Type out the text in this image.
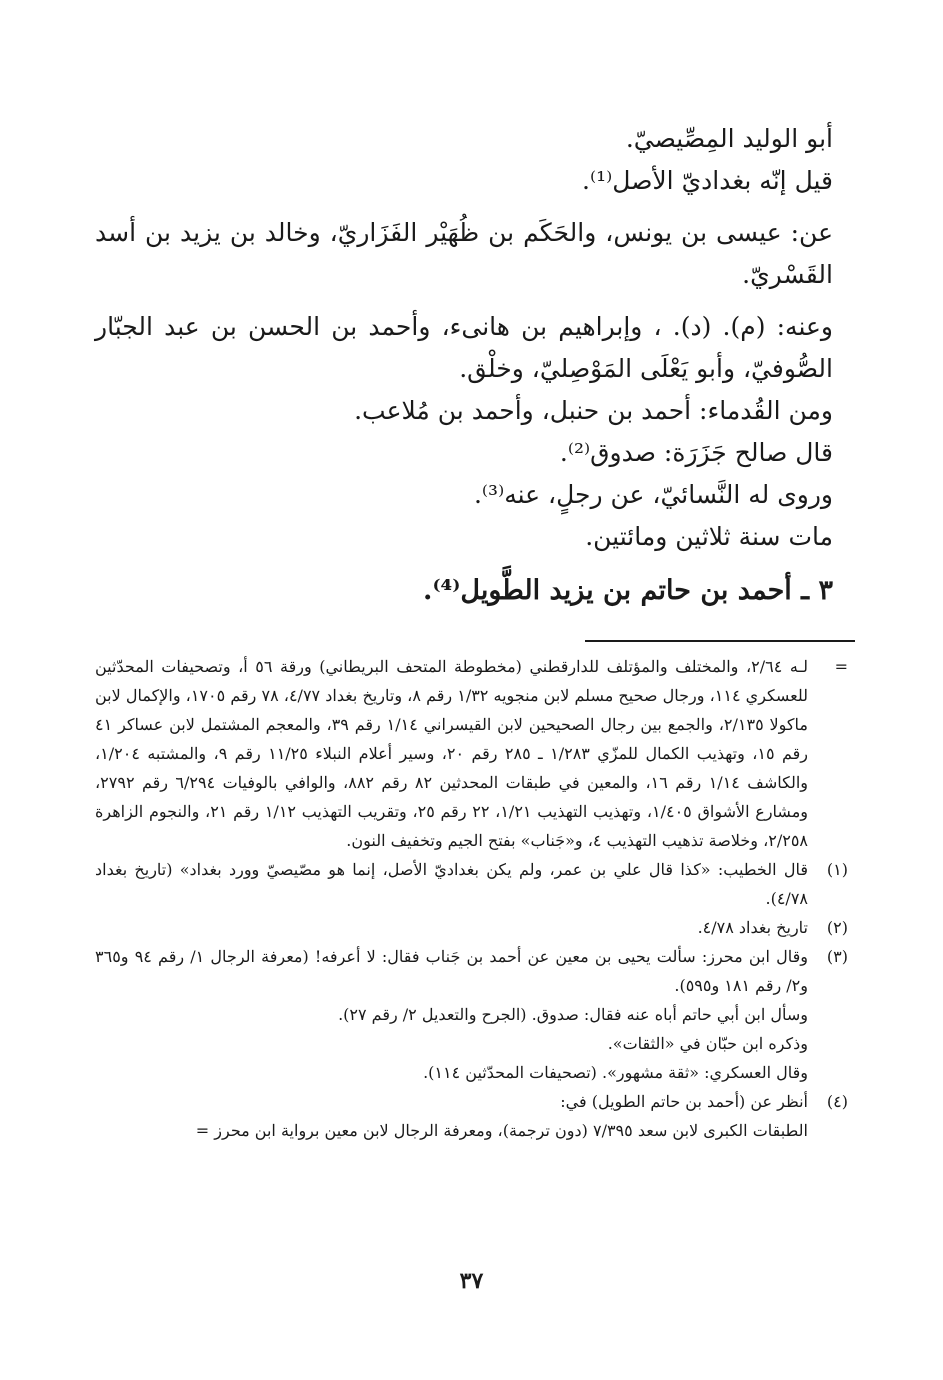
أبو الوليد المِصِّيصيّ.

قيل إنّه بغداديّ الأصل⁽¹⁾.

عن: عيسى بن يونس، والحَكَم بن ظُهَيْر الفَزَاريّ، وخالد بن يزيد بن أسد القَسْريّ.

وعنه: (م). (د). ، وإبراهيم بن هانىء، وأحمد بن الحسن بن عبد الجبّار الصُّوفيّ، وأبو يَعْلَى المَوْصِليّ، وخلْق.

ومن القُدماء: أحمد بن حنبل، وأحمد بن مُلاعب.

قال صالح جَزَرَة: صدوق⁽²⁾.

وروى له النَّسائيّ، عن رجلٍ، عنه⁽³⁾.

مات سنة ثلاثين ومائتين.

٣ ـ أحمد بن حاتم بن يزيد الطَّويل⁽⁴⁾.

=
لـه ٢/٦٤، والمختلف والمؤتلف للدارقطني (مخطوطة المتحف البريطاني) ورقة ٥٦ أ، وتصحيفات المحدّثين للعسكري ١١٤، ورجال صحيح مسلم لابن منجويه ١/٣٢ رقم ٨، وتاريخ بغداد ٤/٧٧، ٧٨ رقم ١٧٠٥، والإكمال لابن ماكولا ٢/١٣٥، والجمع بين رجال الصحيحين لابن القيسراني ١/١٤ رقم ٣٩، والمعجم المشتمل لابن عساكر ٤١ رقم ١٥، وتهذيب الكمال للمزّي ١/٢٨٣ ـ ٢٨٥ رقم ٢٠، وسير أعلام النبلاء ١١/٢٥ رقم ٩، والمشتبه ١/٢٠٤، والكاشف ١/١٤ رقم ١٦، والمعين في طبقات المحدثين ٨٢ رقم ٨٨٢، والوافي بالوفيات ٦/٢٩٤ رقم ٢٧٩٢، ومشارع الأشواق ١/٤٠٥، وتهذيب التهذيب ١/٢١، ٢٢ رقم ٢٥، وتقريب التهذيب ١/١٢ رقم ٢١، والنجوم الزاهرة ٢/٢٥٨، وخلاصة تذهيب التهذيب ٤، و«جَناب» بفتح الجيم وتخفيف النون.

(١)
قال الخطيب: «كذا قال علي بن عمر، ولم يكن بغداديّ الأصل، إنما هو مصّيصيّ وورد بغداد» (تاريخ بغداد ٤/٧٨).

(٢)
تاريخ بغداد ٤/٧٨.

(٣)
وقال ابن محرز: سألت يحيى بن معين عن أحمد بن جَناب فقال: لا أعرفه! (معرفة الرجال ١/ رقم ٩٤ و٣٦٥ و٢/ رقم ١٨١ و٥٩٥).

وسأل ابن أبي حاتم أباه عنه فقال: صدوق. (الجرح والتعديل ٢/ رقم ٢٧).

وذكره ابن حبّان في «الثقات».

وقال العسكري: «ثقة مشهور». (تصحيفات المحدّثين ١١٤).

(٤)
أنظر عن (أحمد بن حاتم الطويل) في:

الطبقات الكبرى لابن سعد ٧/٣٩٥ (دون ترجمة)، ومعرفة الرجال لابن معين برواية ابن محرز =

٣٧
